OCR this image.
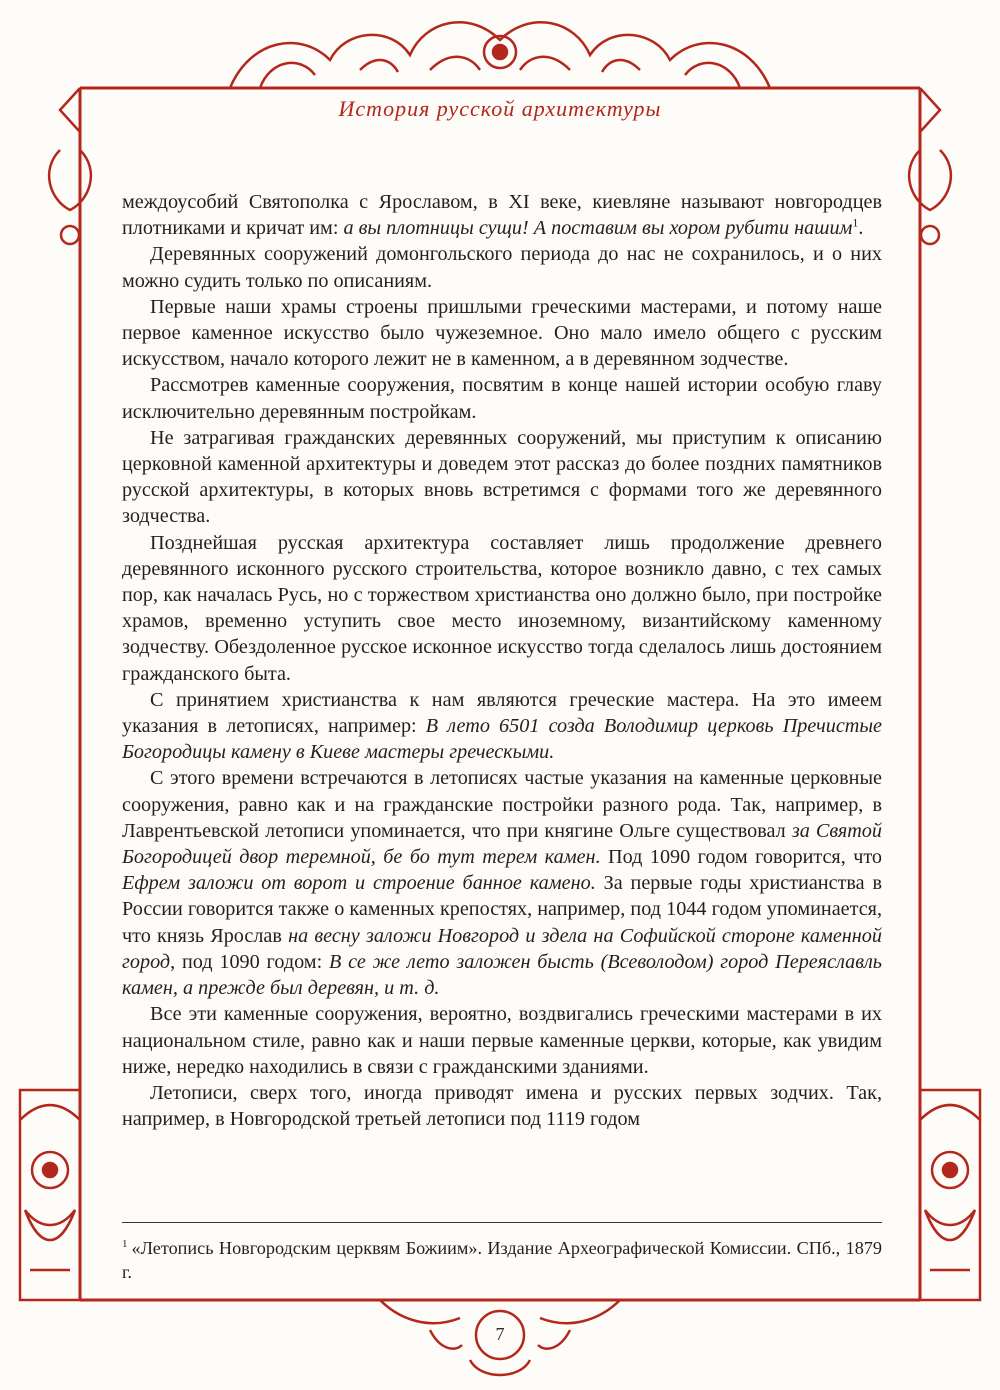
История русской архитектуры

междоусобий Святополка с Ярославом, в XI веке, киевляне называют новгородцев плотниками и кричат им: а вы плотницы сущи! А поставим вы хором рубити нашим$^1$.

Деревянных сооружений домонгольского периода до нас не сохранилось, и о них можно судить только по описаниям.

Первые наши храмы строены пришлыми греческими мастерами, и потому наше первое каменное искусство было чужеземное. Оно мало имело общего с русским искусством, начало которого лежит не в каменном, а в деревянном зодчестве.

Рассмотрев каменные сооружения, посвятим в конце нашей истории особую главу исключительно деревянным постройкам.

Не затрагивая гражданских деревянных сооружений, мы приступим к описанию церковной каменной архитектуры и доведем этот рассказ до более поздних памятников русской архитектуры, в которых вновь встретимся с формами того же деревянного зодчества.

Позднейшая русская архитектура составляет лишь продолжение древнего деревянного исконного русского строительства, которое возникло давно, с тех самых пор, как началась Русь, но с торжеством христианства оно должно было, при постройке храмов, временно уступить свое место иноземному, византийскому каменному зодчеству. Обездоленное русское исконное искусство тогда сделалось лишь достоянием гражданского быта.

С принятием христианства к нам являются греческие мастера. На это имеем указания в летописях, например: В лето 6501 созда Володимир церковь Пречистые Богородицы камену в Киеве мастеры греческыми.

С этого времени встречаются в летописях частые указания на каменные церковные сооружения, равно как и на гражданские постройки разного рода. Так, например, в Лаврентьевской летописи упоминается, что при княгине Ольге существовал за Святой Богородицей двор теремной, бе бо тут терем камен. Под 1090 годом говорится, что Ефрем заложи от ворот и строение банное камено. За первые годы христианства в России говорится также о каменных крепостях, например, под 1044 годом упоминается, что князь Ярослав на весну заложи Новгород и здела на Софийской стороне каменной город, под 1090 годом: В се же лето заложен бысть (Всеволодом) город Переяславль камен, а прежде был деревян, и т. д.

Все эти каменные сооружения, вероятно, воздвигались греческими мастерами в их национальном стиле, равно как и наши первые каменные церкви, которые, как увидим ниже, нередко находились в связи с гражданскими зданиями.

Летописи, сверх того, иногда приводят имена и русских первых зодчих. Так, например, в Новгородской третьей летописи под 1119 годом

$^1$ «Летопись Новгородским церквям Божиим». Издание Археографической Комиссии. СПб., 1879 г.
7
